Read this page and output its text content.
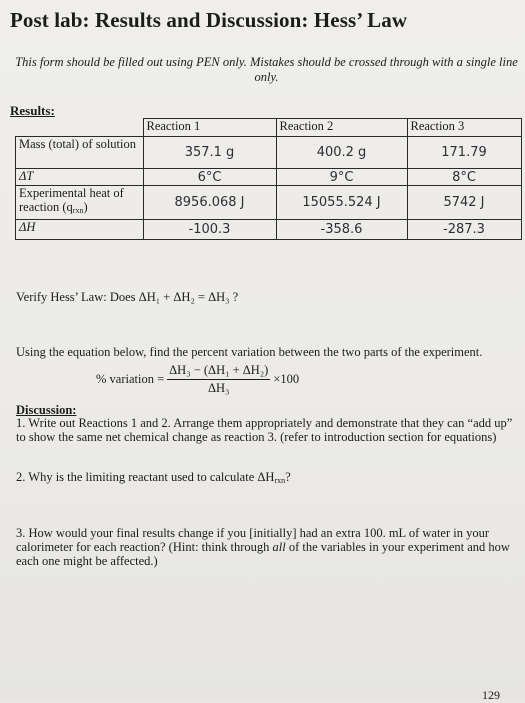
Post lab: Results and Discussion: Hess’ Law
This form should be filled out using PEN only. Mistakes should be crossed through with a single line only.
Results:
	Reaction 1	Reaction 2	Reaction 3
Mass (total) of solution	357.1 g	400.2 g	171.79
ΔT	6°C	9°C	8°C
Experimental heat of reaction $(q_{rxn})$	8956.068 J	15055.524 J	5742 J
ΔH	-100.3	-358.6	-287.3
Verify Hess’ Law: Does ΔH₁ + ΔH₂ = ΔH₃ ?
Using the equation below, find the percent variation between the two parts of the experiment.
% variation = $\frac{\text{ΔH₃ − (ΔH₁ + ΔH₂)}}{\text{ΔH₃}} \times 100$
Discussion:
1. Write out Reactions 1 and 2. Arrange them appropriately and demonstrate that they can “add up” to show the same net chemical change as reaction 3. (refer to introduction section for equations)
2. Why is the limiting reactant used to calculate $\Delta H_{rxn}$?
3. How would your final results change if you [initially] had an extra 100. mL of water in your calorimeter for each reaction? (Hint: think through all of the variables in your experiment and how each one might be affected.)
129
